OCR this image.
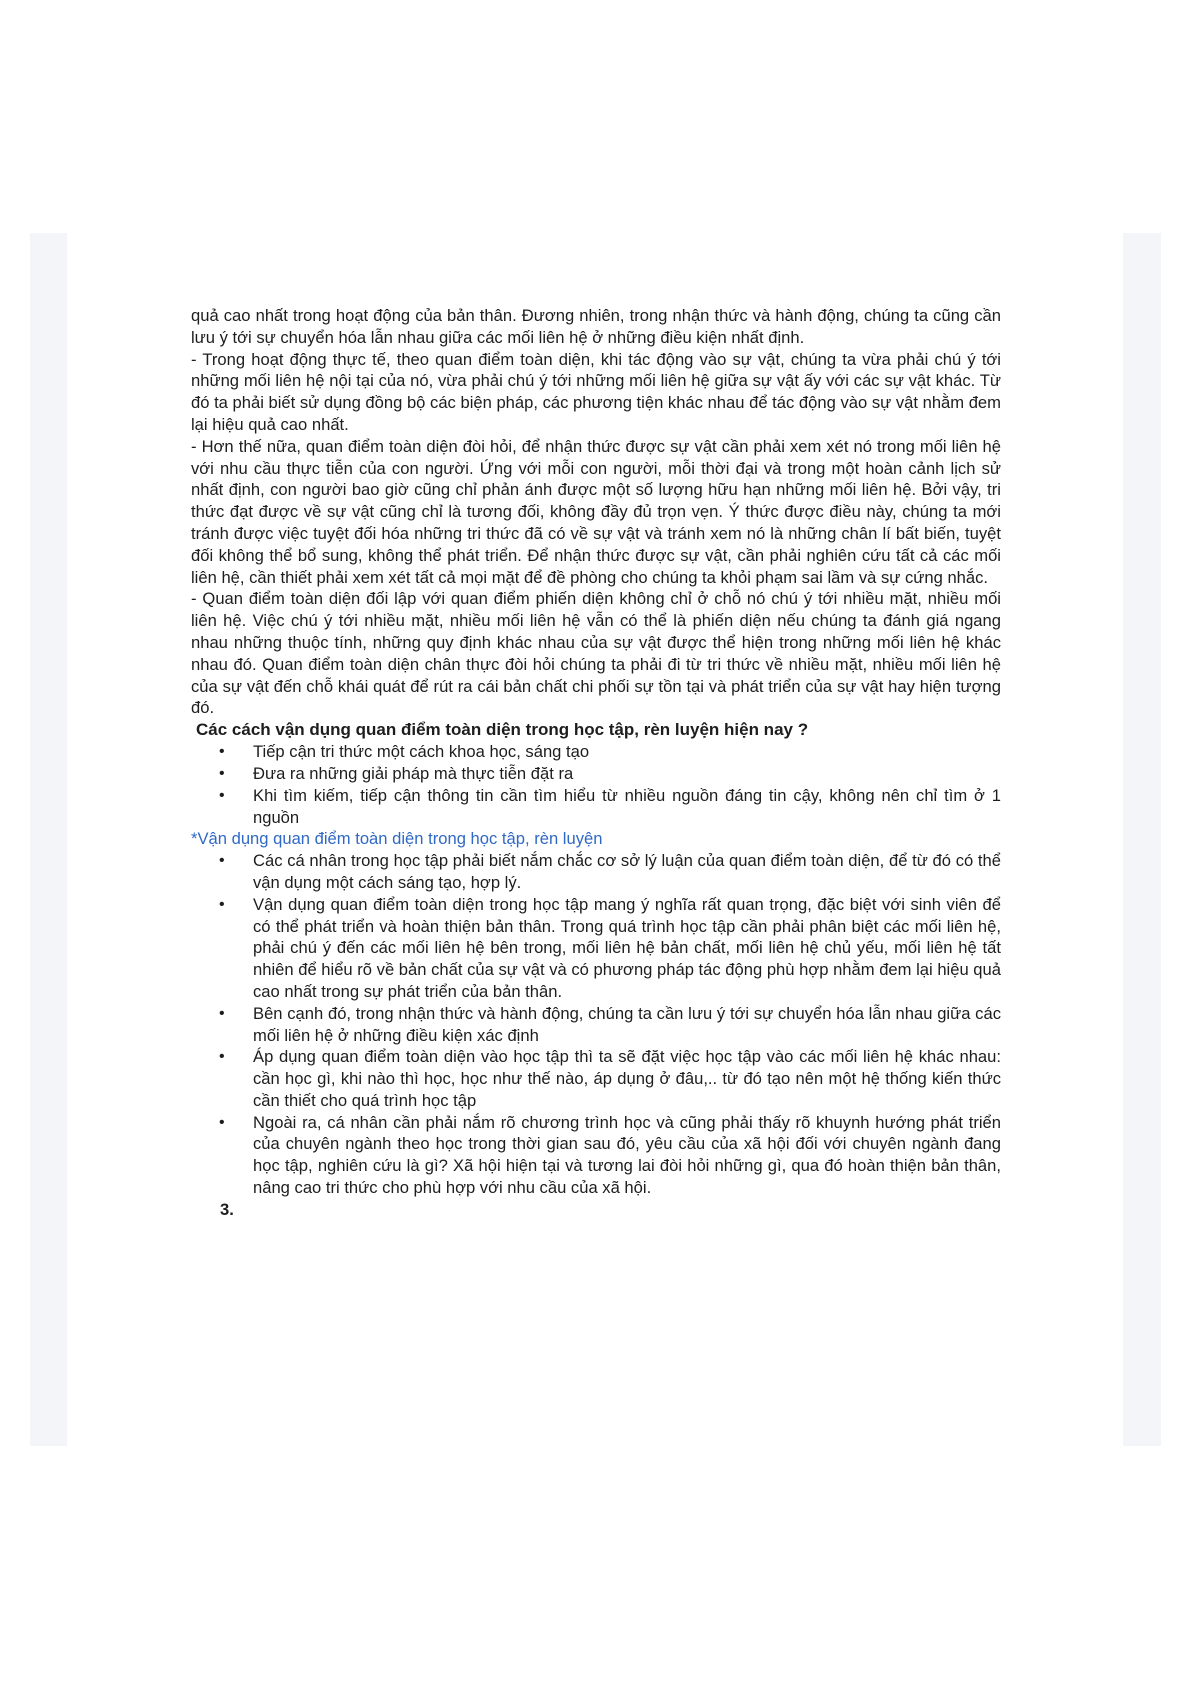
quả cao nhất trong hoạt động của bản thân. Đương nhiên, trong nhận thức và hành động, chúng ta cũng cần lưu ý tới sự chuyển hóa lẫn nhau giữa các mối liên hệ ở những điều kiện nhất định.

- Trong hoạt động thực tế, theo quan điểm toàn diện, khi tác động vào sự vật, chúng ta vừa phải chú ý tới những mối liên hệ nội tại của nó, vừa phải chú ý tới những mối liên hệ giữa sự vật ấy với các sự vật khác. Từ đó ta phải biết sử dụng đồng bộ các biện pháp, các phương tiện khác nhau để tác động vào sự vật nhằm đem lại hiệu quả cao nhất.

- Hơn thế nữa, quan điểm toàn diện đòi hỏi, để nhận thức được sự vật cần phải xem xét nó trong mối liên hệ với nhu cầu thực tiễn của con người. Ứng với mỗi con người, mỗi thời đại và trong một hoàn cảnh lịch sử nhất định, con người bao giờ cũng chỉ phản ánh được một số lượng hữu hạn những mối liên hệ. Bởi vậy, tri thức đạt được về sự vật cũng chỉ là tương đối, không đầy đủ trọn vẹn. Ý thức được điều này, chúng ta mới tránh được việc tuyệt đối hóa những tri thức đã có về sự vật và tránh xem nó là những chân lí bất biến, tuyệt đối không thể bổ sung, không thể phát triển. Để nhận thức được sự vật, cần phải nghiên cứu tất cả các mối liên hệ, cần thiết phải xem xét tất cả mọi mặt để đề phòng cho chúng ta khỏi phạm sai lầm và sự cứng nhắc.

- Quan điểm toàn diện đối lập với quan điểm phiến diện không chỉ ở chỗ nó chú ý tới nhiều mặt, nhiều mối liên hệ. Việc chú ý tới nhiều mặt, nhiều mối liên hệ vẫn có thể là phiến diện nếu chúng ta đánh giá ngang nhau những thuộc tính, những quy định khác nhau của sự vật được thể hiện trong những mối liên hệ khác nhau đó. Quan điểm toàn diện chân thực đòi hỏi chúng ta phải đi từ tri thức về nhiều mặt, nhiều mối liên hệ của sự vật đến chỗ khái quát để rút ra cái bản chất chi phối sự tồn tại và phát triển của sự vật hay hiện tượng đó.

Các cách vận dụng quan điểm toàn diện trong học tập, rèn luyện hiện nay ?

• Tiếp cận tri thức một cách khoa học, sáng tạo
• Đưa ra những giải pháp mà thực tiễn đặt ra
• Khi tìm kiếm, tiếp cận thông tin cần tìm hiểu từ nhiều nguồn đáng tin cậy, không nên chỉ tìm ở 1 nguồn

*Vận dụng quan điểm toàn diện trong học tập, rèn luyện

• Các cá nhân trong học tập phải biết nắm chắc cơ sở lý luận của quan điểm toàn diện, để từ đó có thể vận dụng một cách sáng tạo, hợp lý.
• Vận dụng quan điểm toàn diện trong học tập mang ý nghĩa rất quan trọng, đặc biệt với sinh viên để có thể phát triển và hoàn thiện bản thân. Trong quá trình học tập cần phải phân biệt các mối liên hệ, phải chú ý đến các mối liên hệ bên trong, mối liên hệ bản chất, mối liên hệ chủ yếu, mối liên hệ tất nhiên để hiểu rõ về bản chất của sự vật và có phương pháp tác động phù hợp nhằm đem lại hiệu quả cao nhất trong sự phát triển của bản thân.
• Bên cạnh đó, trong nhận thức và hành động, chúng ta cần lưu ý tới sự chuyển hóa lẫn nhau giữa các mối liên hệ ở những điều kiện xác định
• Áp dụng quan điểm toàn diện vào học tập thì ta sẽ đặt việc học tập vào các mối liên hệ khác nhau: cần học gì, khi nào thì học, học như thế nào, áp dụng ở đâu,.. từ đó tạo nên một hệ thống kiến thức cần thiết cho quá trình học tập
• Ngoài ra, cá nhân cần phải nắm rõ chương trình học và cũng phải thấy rõ khuynh hướng phát triển của chuyên ngành theo học trong thời gian sau đó, yêu cầu của xã hội đối với chuyên ngành đang học tập, nghiên cứu là gì? Xã hội hiện tại và tương lai đòi hỏi những gì, qua đó hoàn thiện bản thân, nâng cao tri thức cho phù hợp với nhu cầu của xã hội.

3.
